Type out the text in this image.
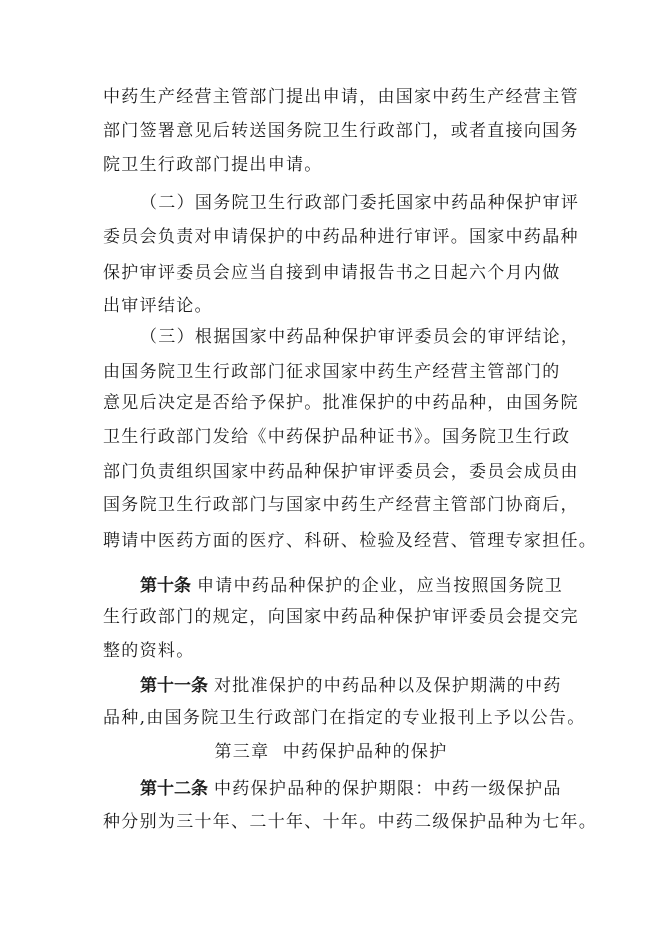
中药生产经营主管部门提出申请，由国家中药生产经营主管
部门签署意见后转送国务院卫生行政部门，或者直接向国务
院卫生行政部门提出申请。
（二）国务院卫生行政部门委托国家中药品种保护审评
委员会负责对申请保护的中药品种进行审评。国家中药晶种
保护审评委员会应当自接到申请报告书之日起六个月内做
出审评结论。
（三）根据国家中药品种保护审评委员会的审评结论，
由国务院卫生行政部门征求国家中药生产经营主管部门的
意见后决定是否给予保护。批准保护的中药品种，由国务院
卫生行政部门发给《中药保护品种证书》。国务院卫生行政
部门负责组织国家中药品种保护审评委员会，委员会成员由
国务院卫生行政部门与国家中药生产经营主管部门协商后，
聘请中医药方面的医疗、科研、检验及经营、管理专家担任。
第十条 申请中药品种保护的企业，应当按照国务院卫
生行政部门的规定，向国家中药品种保护审评委员会提交完
整的资料。
第十一条 对批准保护的中药品种以及保护期满的中药
品种,由国务院卫生行政部门在指定的专业报刊上予以公告。
第三章  中药保护品种的保护
第十二条 中药保护品种的保护期限：中药一级保护品
种分别为三十年、二十年、十年。中药二级保护品种为七年。
